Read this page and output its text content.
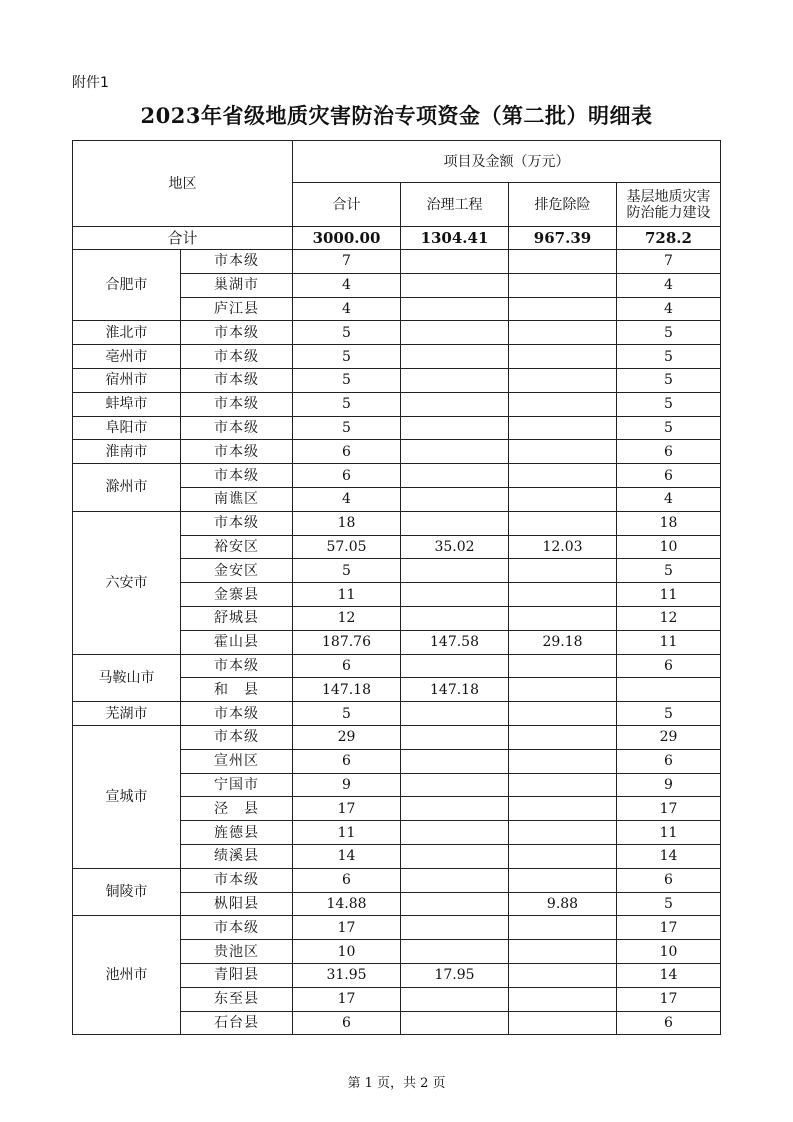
附件1
2023年省级地质灾害防治专项资金（第二批）明细表
地区		项目及金额（万元）			
		合计	治理工程	排危除险	基层地质灾害
防治能力建设
合计		3000.00	1304.41	967.39	728.2
合肥市	市本级	7			7
	巢湖市	4			4
	庐江县	4			4
淮北市	市本级	5			5
亳州市	市本级	5			5
宿州市	市本级	5			5
蚌埠市	市本级	5			5
阜阳市	市本级	5			5
淮南市	市本级	6			6
滁州市	市本级	6			6
	南谯区	4			4
六安市	市本级	18			18
	裕安区	57.05	35.02	12.03	10
	金安区	5			5
	金寨县	11			11
	舒城县	12			12
	霍山县	187.76	147.58	29.18	11
马鞍山市	市本级	6			6
	和　县	147.18	147.18		
芜湖市	市本级	5			5
宣城市	市本级	29			29
	宣州区	6			6
	宁国市	9			9
	泾　县	17			17
	旌德县	11			11
	绩溪县	14			14
铜陵市	市本级	6			6
	枞阳县	14.88		9.88	5
池州市	市本级	17			17
	贵池区	10			10
	青阳县	31.95	17.95		14
	东至县	17			17
	石台县	6			6
第 1 页，共 2 页
